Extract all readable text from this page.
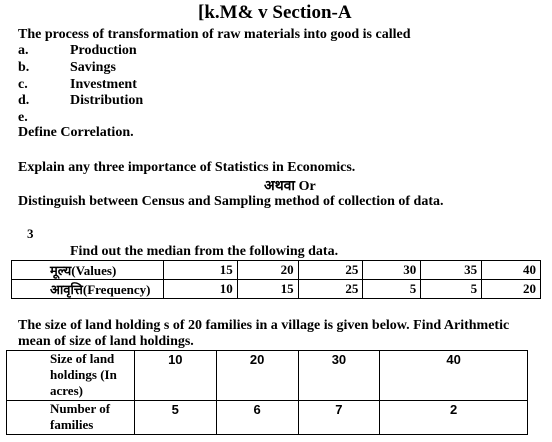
[k.M& v Section-A
The process of transformation of raw materials into good is called
a.	Production
b.	Savings
c.	Investment
d.	Distribution
e.
Define Correlation.
Explain any three importance of Statistics in Economics.
अथवा Or
Distinguish between Census and Sampling method of collection of data.
3
Find out the median from the following data.
मूल्य(Values)	15	20	25	30	35	40
आवृत्ति(Frequency)	10	15	25	5	5	20
The size of land holding s of 20 families in a village is given below. Find Arithmetic
mean of size of land holdings.
Size of land
holdings (In
acres)	10	20	30	40

Number of
families	5	6	7	2
